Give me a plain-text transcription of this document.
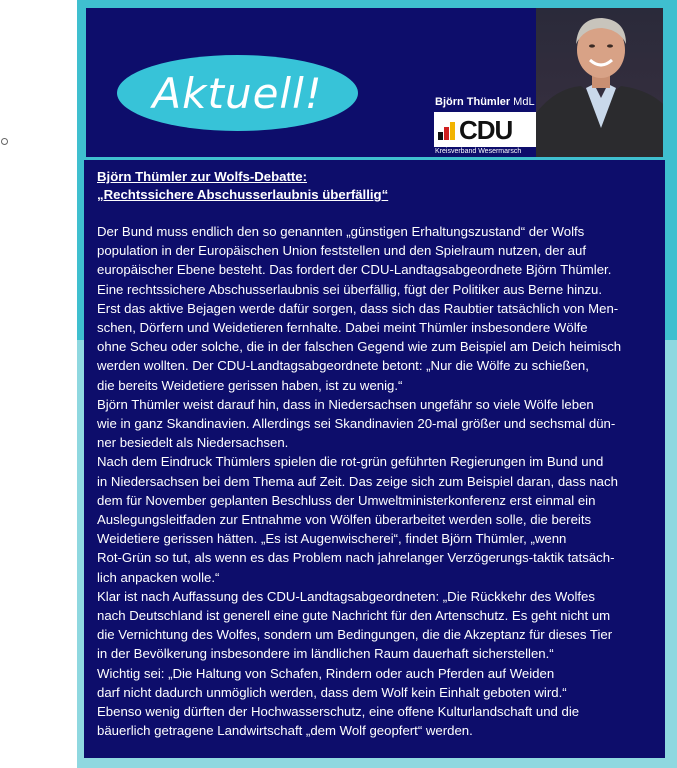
Aktuell!	Björn Thümler MdL
CDU
Kreisverband Wesermarsch
Björn Thümler zur Wolfs-Debatte:
„Rechtssichere Abschusserlaubnis überfällig“
Der Bund muss endlich den so genannten „günstigen Erhaltungszustand“ der Wolfs
population in der Europäischen Union feststellen und den Spielraum nutzen, der auf
europäischer Ebene besteht. Das fordert der CDU-Landtagsabgeordnete Björn Thümler.
Eine rechtssichere Abschusserlaubnis sei überfällig, fügt der Politiker aus Berne hinzu.
Erst das aktive Bejagen werde dafür sorgen, dass sich das Raubtier tatsächlich von Men-
schen, Dörfern und Weidetieren fernhalte. Dabei meint Thümler insbesondere Wölfe
ohne Scheu oder solche, die in der falschen Gegend wie zum Beispiel am Deich heimisch
werden wollten. Der CDU-Landtagsabgeordnete betont: „Nur die Wölfe zu schießen,
die bereits Weidetiere gerissen haben, ist zu wenig.“
Björn Thümler weist darauf hin, dass in Niedersachsen ungefähr so viele Wölfe leben
wie in ganz Skandinavien. Allerdings sei Skandinavien 20-mal größer und sechsmal dün-
ner besiedelt als Niedersachsen.
Nach dem Eindruck Thümlers spielen die rot-grün geführten Regierungen im Bund und
in Niedersachsen bei dem Thema auf Zeit. Das zeige sich zum Beispiel daran, dass nach
dem für November geplanten Beschluss der Umweltministerkonferenz erst einmal ein
Auslegungsleitfaden zur Entnahme von Wölfen überarbeitet werden solle, die bereits
Weidetiere gerissen hätten. „Es ist Augenwischerei“, findet Björn Thümler, „wenn
Rot-Grün so tut, als wenn es das Problem nach jahrelanger Verzögerungs-taktik tatsäch-
lich anpacken wolle.“
Klar ist nach Auffassung des CDU-Landtagsabgeordneten: „Die Rückkehr des Wolfes
nach Deutschland ist generell eine gute Nachricht für den Artenschutz. Es geht nicht um
die Vernichtung des Wolfes, sondern um Bedingungen, die die Akzeptanz für dieses Tier
in der Bevölkerung insbesondere im ländlichen Raum dauerhaft sicherstellen.“
Wichtig sei: „Die Haltung von Schafen, Rindern oder auch Pferden auf Weiden
darf nicht dadurch unmöglich werden, dass dem Wolf kein Einhalt geboten wird.“
Ebenso wenig dürften der Hochwasserschutz, eine offene Kulturlandschaft und die
bäuerlich getragene Landwirtschaft „dem Wolf geopfert“ werden.
